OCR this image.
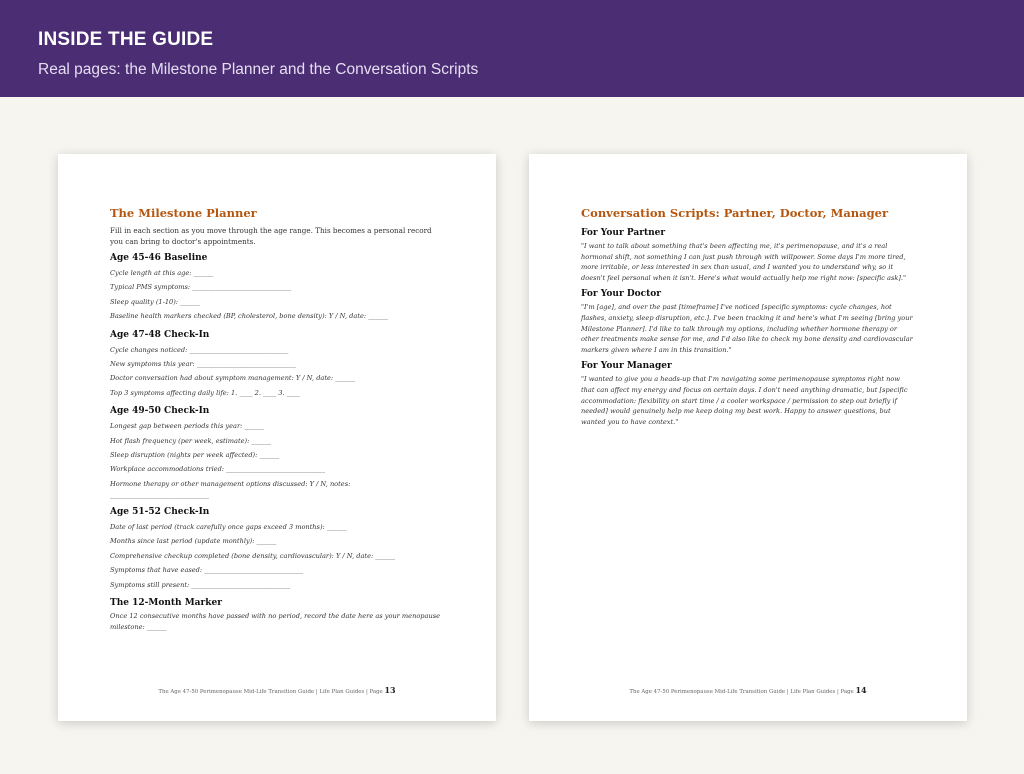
INSIDE THE GUIDE
Real pages: the Milestone Planner and the Conversation Scripts
The Milestone Planner
Fill in each section as you move through the age range. This becomes a personal record you can bring to doctor's appointments.
Age 45-46 Baseline
Cycle length at this age: ______
Typical PMS symptoms: ______________________________
Sleep quality (1-10): ______
Baseline health markers checked (BP, cholesterol, bone density): Y / N, date: ______
Age 47-48 Check-In
Cycle changes noticed: ______________________________
New symptoms this year: ______________________________
Doctor conversation had about symptom management: Y / N, date: ______
Top 3 symptoms affecting daily life: 1. ____ 2. ____ 3. ____
Age 49-50 Check-In
Longest gap between periods this year: ______
Hot flash frequency (per week, estimate): ______
Sleep disruption (nights per week affected): ______
Workplace accommodations tried: ______________________________
Hormone therapy or other management options discussed: Y / N, notes: ______________________________
Age 51-52 Check-In
Date of last period (track carefully once gaps exceed 3 months): ______
Months since last period (update monthly): ______
Comprehensive checkup completed (bone density, cardiovascular): Y / N, date: ______
Symptoms that have eased: ______________________________
Symptoms still present: ______________________________
The 12-Month Marker
Once 12 consecutive months have passed with no period, record the date here as your menopause milestone: ______
The Age 47-50 Perimenopause Mid-Life Transition Guide | Life Plan Guides | Page 13
Conversation Scripts: Partner, Doctor, Manager
For Your Partner
"I want to talk about something that's been affecting me, it's perimenopause, and it's a real hormonal shift, not something I can just push through with willpower. Some days I'm more tired, more irritable, or less interested in sex than usual, and I wanted you to understand why, so it doesn't feel personal when it isn't. Here's what would actually help me right now: [specific ask]."
For Your Doctor
"I'm [age], and over the past [timeframe] I've noticed [specific symptoms: cycle changes, hot flashes, anxiety, sleep disruption, etc.]. I've been tracking it and here's what I'm seeing [bring your Milestone Planner]. I'd like to talk through my options, including whether hormone therapy or other treatments make sense for me, and I'd also like to check my bone density and cardiovascular markers given where I am in this transition."
For Your Manager
"I wanted to give you a heads-up that I'm navigating some perimenopause symptoms right now that can affect my energy and focus on certain days. I don't need anything dramatic, but [specific accommodation: flexibility on start time / a cooler workspace / permission to step out briefly if needed] would genuinely help me keep doing my best work. Happy to answer questions, but wanted you to have context."
The Age 47-50 Perimenopause Mid-Life Transition Guide | Life Plan Guides | Page 14
